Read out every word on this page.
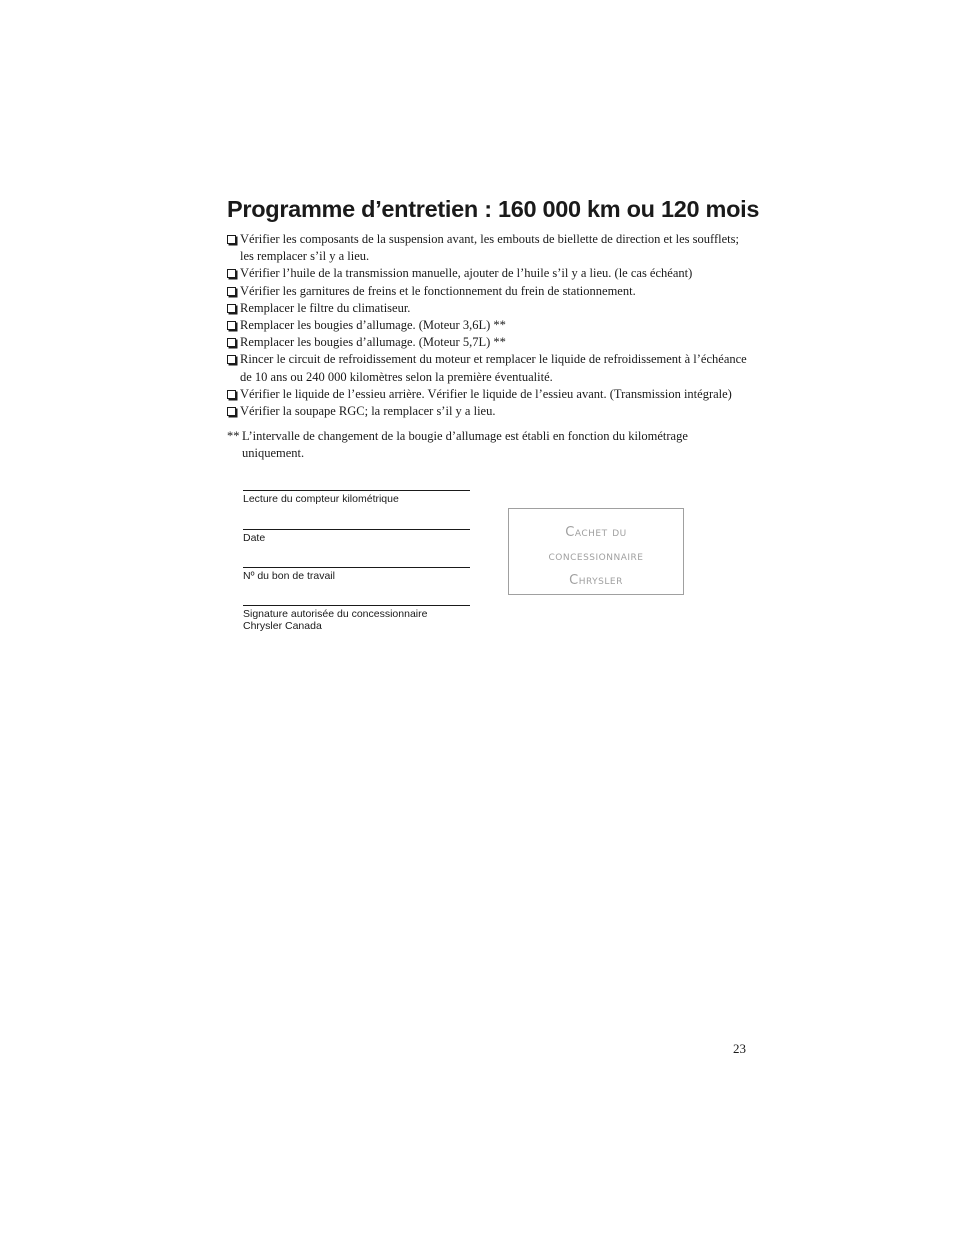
Programme d’entretien : 160 000 km ou 120 mois
Vérifier les composants de la suspension avant, les embouts de biellette de direction et les soufflets; les remplacer s’il y a lieu.
Vérifier l’huile de la transmission manuelle, ajouter de l’huile s’il y a lieu. (le cas échéant)
Vérifier les garnitures de freins et le fonctionnement du frein de stationnement.
Remplacer le filtre du climatiseur.
Remplacer les bougies d’allumage. (Moteur 3,6L) **
Remplacer les bougies d’allumage. (Moteur 5,7L) **
Rincer le circuit de refroidissement du moteur et remplacer le liquide de refroidissement à l’échéance de 10 ans ou 240 000 kilomètres selon la première éventualité.
Vérifier le liquide de l’essieu arrière. Vérifier le liquide de l’essieu avant. (Transmission intégrale)
Vérifier la soupape RGC; la remplacer s’il y a lieu.
** L’intervalle de changement de la bougie d’allumage est établi en fonction du kilométrage
uniquement.
Lecture du compteur kilométrique
Date
Nº du bon de travail
Signature autorisée du concessionnaire
Chrysler Canada
Cachet du
concessionnaire
Chrysler
23
